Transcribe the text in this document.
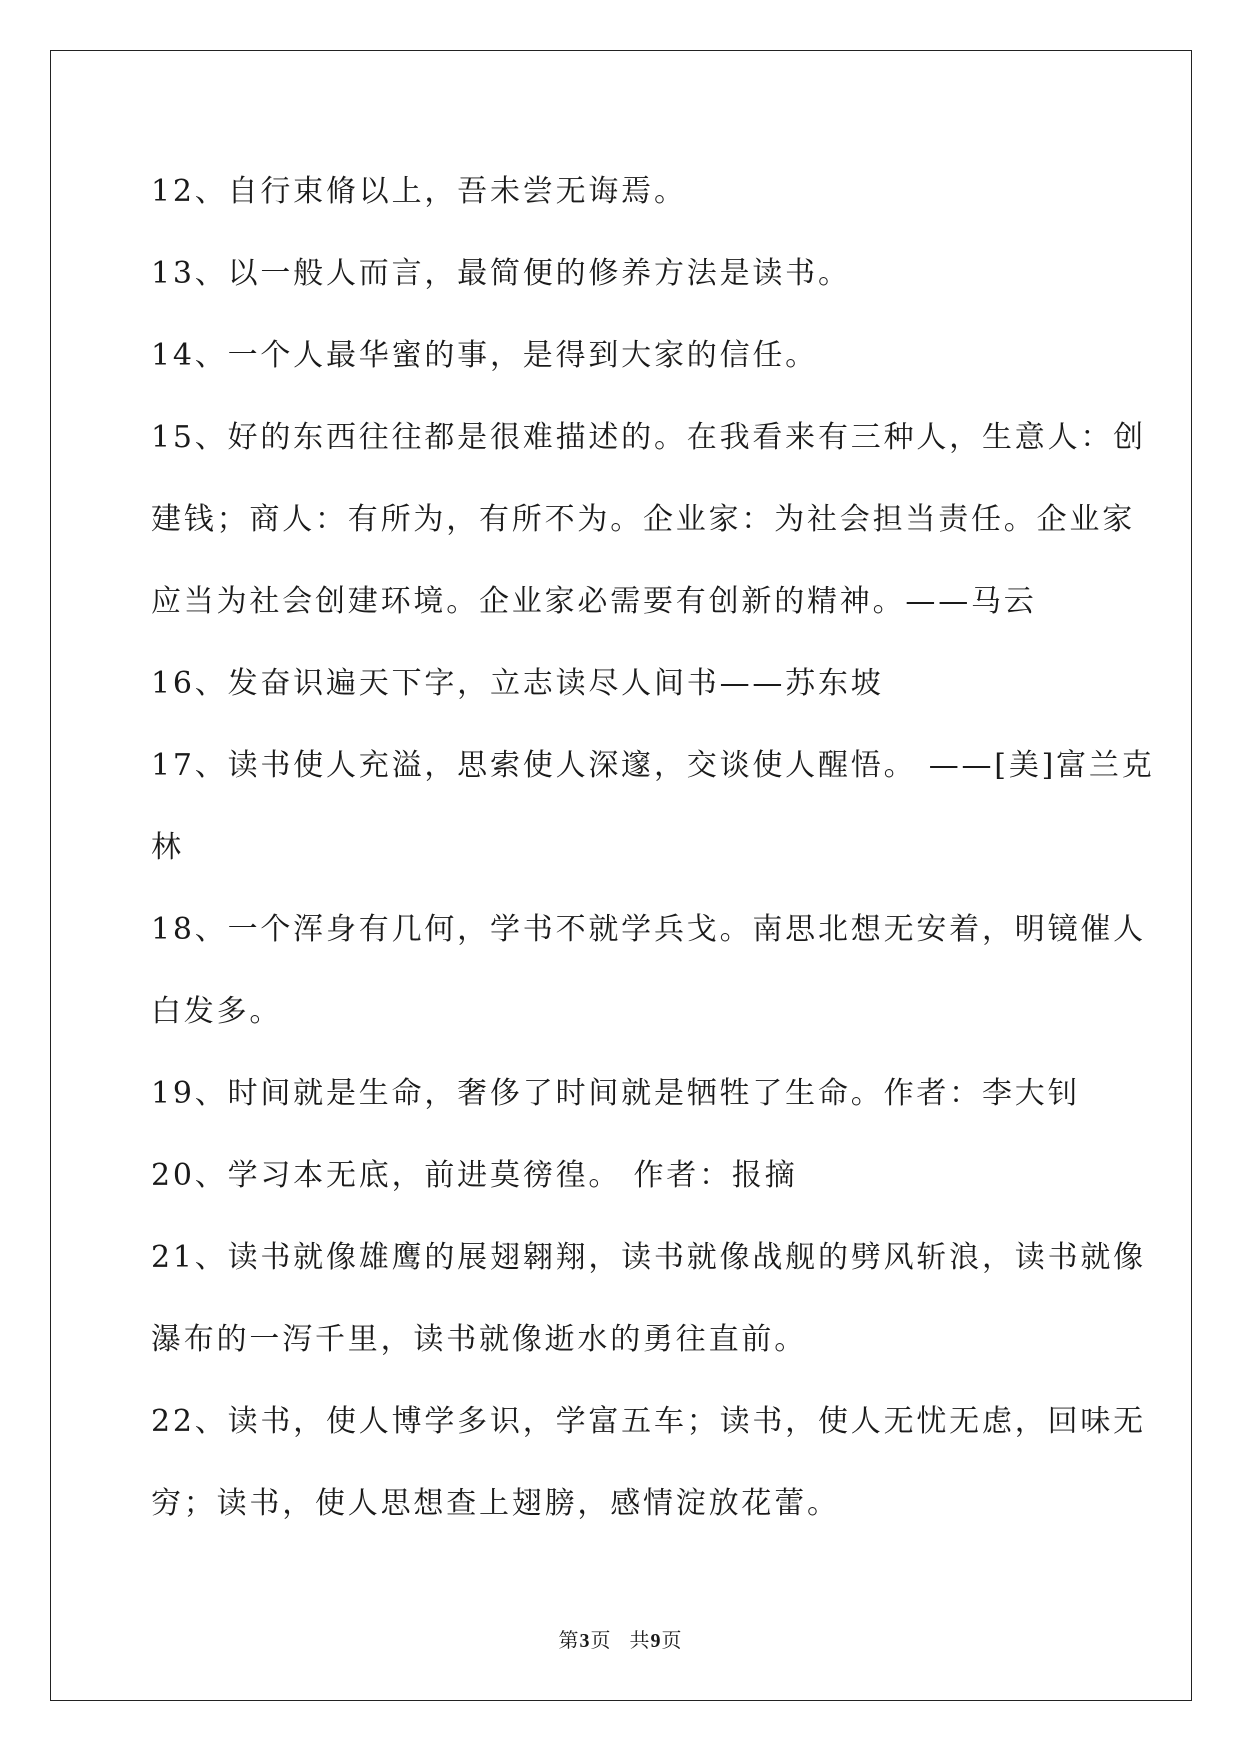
12、自行束脩以上，吾未尝无诲焉。
13、以一般人而言，最简便的修养方法是读书。
14、一个人最华蜜的事，是得到大家的信任。
15、好的东西往往都是很难描述的。在我看来有三种人，生意人：创
建钱；商人：有所为，有所不为。企业家：为社会担当责任。企业家
应当为社会创建环境。企业家必需要有创新的精神。——马云
16、发奋识遍天下字，立志读尽人间书——苏东坡
17、读书使人充溢，思索使人深邃，交谈使人醒悟。 ——[美]富兰克
林
18、一个浑身有几何，学书不就学兵戈。南思北想无安着，明镜催人
白发多。
19、时间就是生命，奢侈了时间就是牺牲了生命。作者：李大钊
20、学习本无底，前进莫徬徨。 作者：报摘
21、读书就像雄鹰的展翅翱翔，读书就像战舰的劈风斩浪，读书就像
瀑布的一泻千里，读书就像逝水的勇往直前。
22、读书，使人博学多识，学富五车；读书，使人无忧无虑，回味无
穷；读书，使人思想查上翅膀，感情淀放花蕾。
第3页 共9页
